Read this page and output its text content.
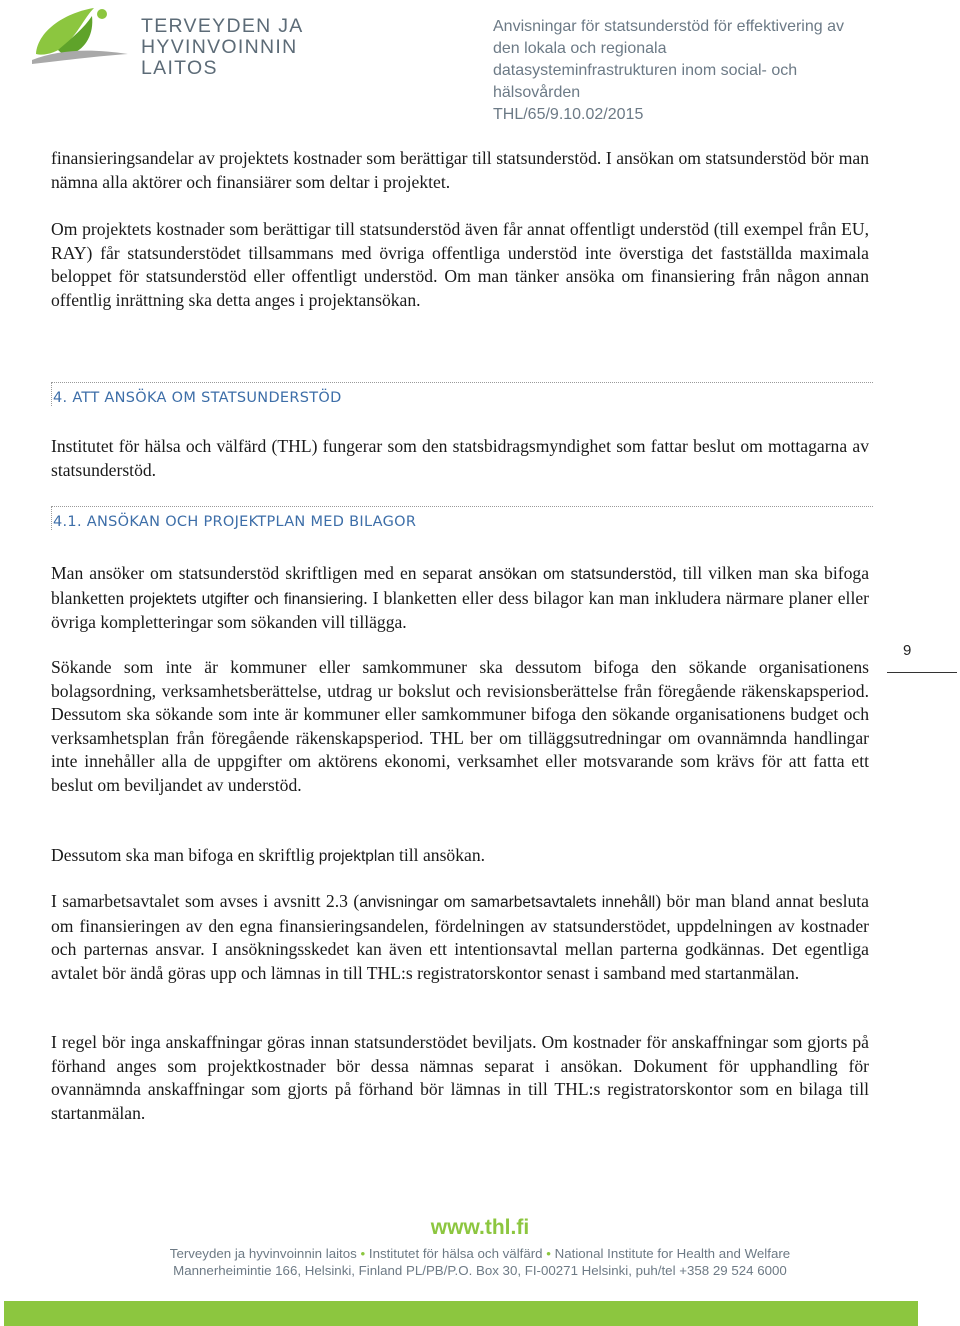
TERVEYDEN JA
HYVINVOINNIN LAITOS
Anvisningar för statsunderstöd för effektivering av
den lokala och regionala
datasysteminfrastrukturen inom social- och
hälsovården
THL/65/9.10.02/2015
finansieringsandelar av projektets kostnader som berättigar till statsunderstöd. I ansökan om statsunderstöd bör man nämna alla aktörer och finansiärer som deltar i projektet.
Om projektets kostnader som berättigar till statsunderstöd även får annat offentligt understöd (till exempel från EU, RAY) får statsunderstödet tillsammans med övriga offentliga understöd inte överstiga det fastställda maximala beloppet för statsunderstöd eller offentligt understöd. Om man tänker ansöka om finansiering från någon annan offentlig inrättning ska detta anges i projektansökan.
4. ATT ANSÖKA OM STATSUNDERSTÖD
Institutet för hälsa och välfärd (THL) fungerar som den statsbidragsmyndighet som fattar beslut om mottagarna av statsunderstöd.
4.1. ANSÖKAN OCH PROJEKTPLAN MED BILAGOR
Man ansöker om statsunderstöd skriftligen med en separat ansökan om statsunderstöd, till vilken man ska bifoga blanketten projektets utgifter och finansiering. I blanketten eller dess bilagor kan man inkludera närmare planer eller övriga kompletteringar som sökanden vill tillägga.
Sökande som inte är kommuner eller samkommuner ska dessutom bifoga den sökande organisationens bolagsordning, verksamhetsberättelse, utdrag ur bokslut och revisionsberättelse från föregående räkenskapsperiod. Dessutom ska sökande som inte är kommuner eller samkommuner bifoga den sökande organisationens budget och verksamhetsplan från föregående räkenskapsperiod. THL ber om tilläggsutredningar om ovannämnda handlingar inte innehåller alla de uppgifter om aktörens ekonomi, verksamhet eller motsvarande som krävs för att fatta ett beslut om beviljandet av understöd.
Dessutom ska man bifoga en skriftlig projektplan till ansökan.
I samarbetsavtalet som avses i avsnitt 2.3 (anvisningar om samarbetsavtalets innehåll) bör man bland annat besluta om finansieringen av den egna finansieringsandelen, fördelningen av statsunderstödet, uppdelningen av kostnader och parternas ansvar. I ansökningsskedet kan även ett intentionsavtal mellan parterna godkännas. Det egentliga avtalet bör ändå göras upp och lämnas in till THL:s registratorskontor senast i samband med startanmälan.
I regel bör inga anskaffningar göras innan statsunderstödet beviljats. Om kostnader för anskaffningar som gjorts på förhand anges som projektkostnader bör dessa nämnas separat i ansökan. Dokument för upphandling för ovannämnda anskaffningar som gjorts på förhand bör lämnas in till THL:s registratorskontor som en bilaga till startanmälan.
9
www.thl.fi
Terveyden ja hyvinvoinnin laitos • Institutet för hälsa och välfärd • National Institute for Health and Welfare
Mannerheimintie 166, Helsinki, Finland PL/PB/P.O. Box 30, FI-00271 Helsinki, puh/tel +358 29 524 6000
